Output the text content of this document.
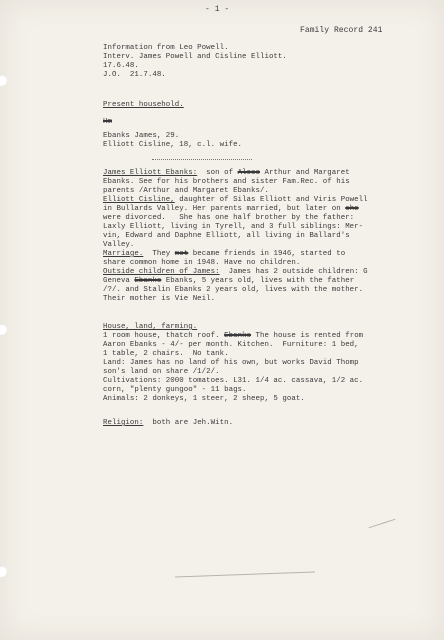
- 1 -
Family Record 241
Information from Leo Powell.
Interv. James Powell and Cisline Elliott.
17.6.48.
J.O.  21.7.48.
Present household.
Hm
Ebanks James, 29.
Elliott Cisline, 18, c.l. wife.
James Elliott Ebanks:  son of Aless Arthur and Margaret
Ebanks. See for his brothers and sister Fam.Rec. of his
parents /Arthur and Margaret Ebanks/.
Elliott Cisline, daughter of Silas Elliott and Viris Powell
in Bullards Valley. Her parents married, but later on she
were divorced.   She has one half brother by the father:
Laxly Elliott, living in Tyrell, and 3 full siblings: Mer-
vin, Edward and Daphne Elliott, all living in Ballard's
Valley.
Marriage.  They met became friends in 1946, started to
share common home in 1948. Have no children.
Outside children of James:  James has 2 outside children: G
Geneva Ebanks Ebanks, 5 years old, lives with the father
/?/. and Stalin Ebanks 2 years old, lives with the mother.
Their mother is Vie Neil.
House, land, farming.
1 room house, thatch roof. Ebanks The house is rented from
Aaron Ebanks - 4/- per month. Kitchen.  Furniture: 1 bed,
1 table, 2 chairs.  No tank.
Land: James has no land of his own, but works David Thomp
son's land on share /1/2/.
Cultivations: 2000 tomatoes. L31. 1/4 ac. cassava, 1/2 ac.
corn, "plenty gungoo" - 11 bags.
Animals: 2 donkeys, 1 steer, 2 sheep, 5 goat.
Religion:  both are Jeh.Witn.
